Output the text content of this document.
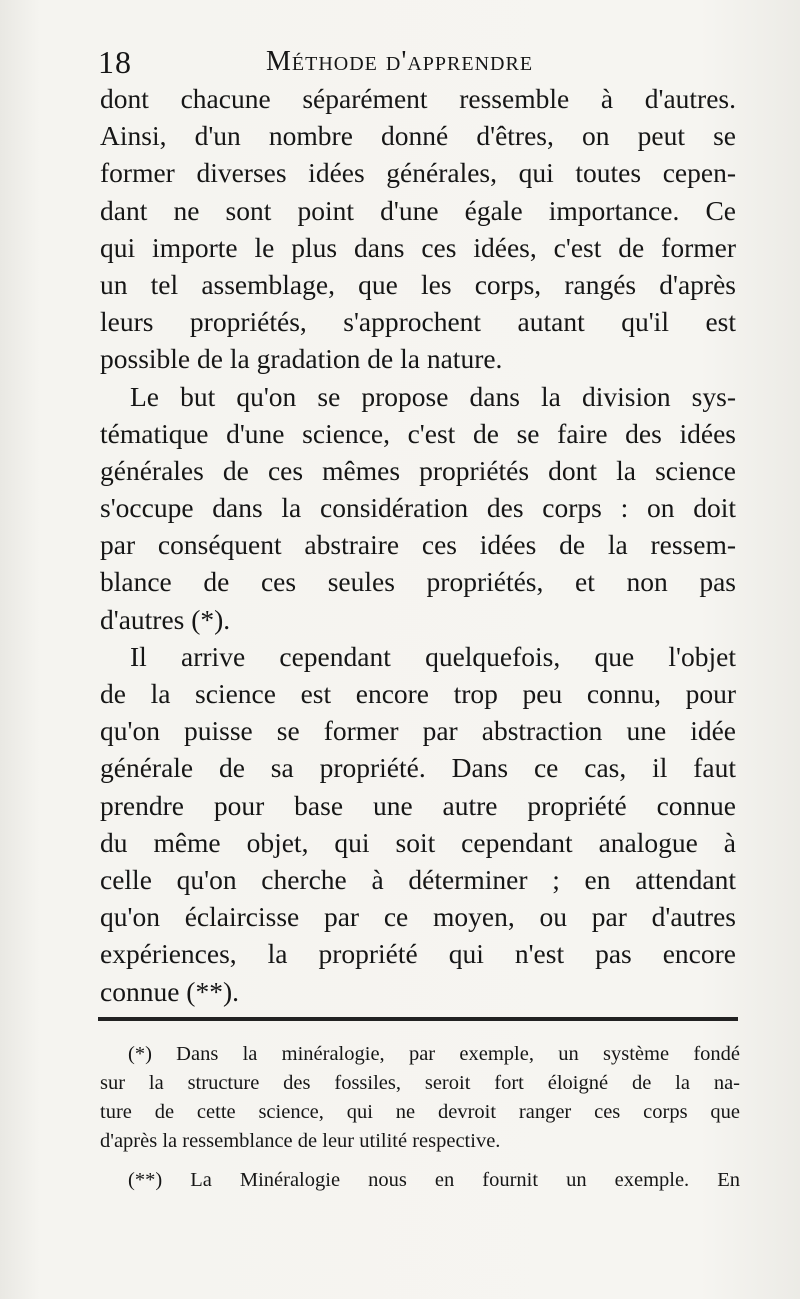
18	Méthode d'apprendre
dont chacune séparément ressemble à d'autres.
Ainsi, d'un nombre donné d'êtres, on peut se
former diverses idées générales, qui toutes cepen-
dant ne sont point d'une égale importance. Ce
qui importe le plus dans ces idées, c'est de former
un tel assemblage, que les corps, rangés d'après
leurs propriétés, s'approchent autant qu'il est
possible de la gradation de la nature.
Le but qu'on se propose dans la division sys-
tématique d'une science, c'est de se faire des idées
générales de ces mêmes propriétés dont la science
s'occupe dans la considération des corps : on doit
par conséquent abstraire ces idées de la ressem-
blance de ces seules propriétés, et non pas
d'autres (*).
Il arrive cependant quelquefois, que l'objet
de la science est encore trop peu connu, pour
qu'on puisse se former par abstraction une idée
générale de sa propriété. Dans ce cas, il faut
prendre pour base une autre propriété connue
du même objet, qui soit cependant analogue à
celle qu'on cherche à déterminer ; en attendant
qu'on éclaircisse par ce moyen, ou par d'autres
expériences, la propriété qui n'est pas encore
connue (**).
(*) Dans la minéralogie, par exemple, un système fondé
sur la structure des fossiles, seroit fort éloigné de la na-
ture de cette science, qui ne devroit ranger ces corps que
d'après la ressemblance de leur utilité respective.
(**) La Minéralogie nous en fournit un exemple. En
